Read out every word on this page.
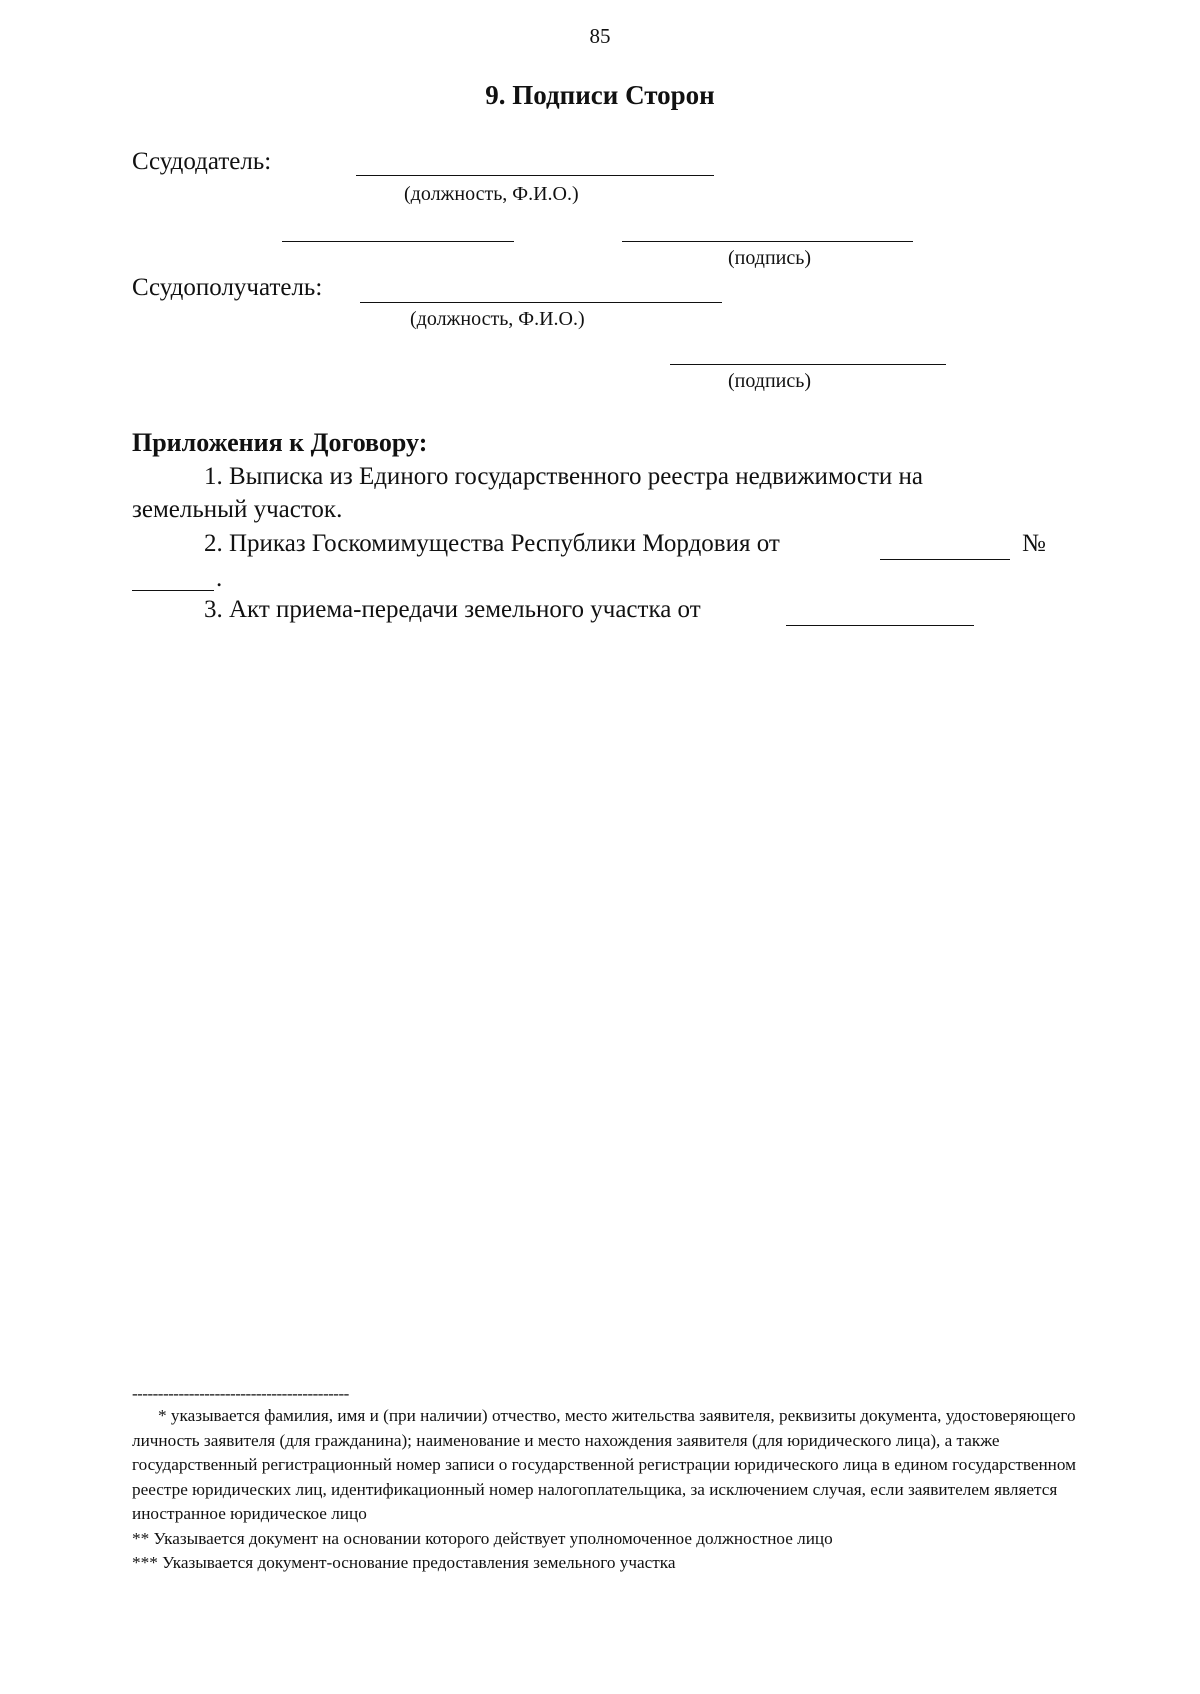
85
9. Подписи Сторон
Ссудодатель:
(должность, Ф.И.О.)
(подпись)
Ссудополучатель:
(должность, Ф.И.О.)
(подпись)
Приложения к Договору:
1. Выписка из Единого государственного реестра недвижимости на
земельный участок.
2. Приказ Госкомимущества Республики Мордовия от	№
.
3. Акт приема-передачи земельного участка от
------------------------------------------

* указывается фамилия, имя и (при наличии) отчество, место жительства заявителя, реквизиты документа, удостоверяющего личность заявителя (для гражданина); наименование и место нахождения заявителя (для юридического лица), а также государственный регистрационный номер записи о государственной регистрации юридического лица в едином государственном реестре юридических лиц, идентификационный номер налогоплательщика, за исключением случая, если заявителем является иностранное юридическое лицо

** Указывается документ на основании которого действует уполномоченное должностное лицо

*** Указывается документ-основание предоставления земельного участка
